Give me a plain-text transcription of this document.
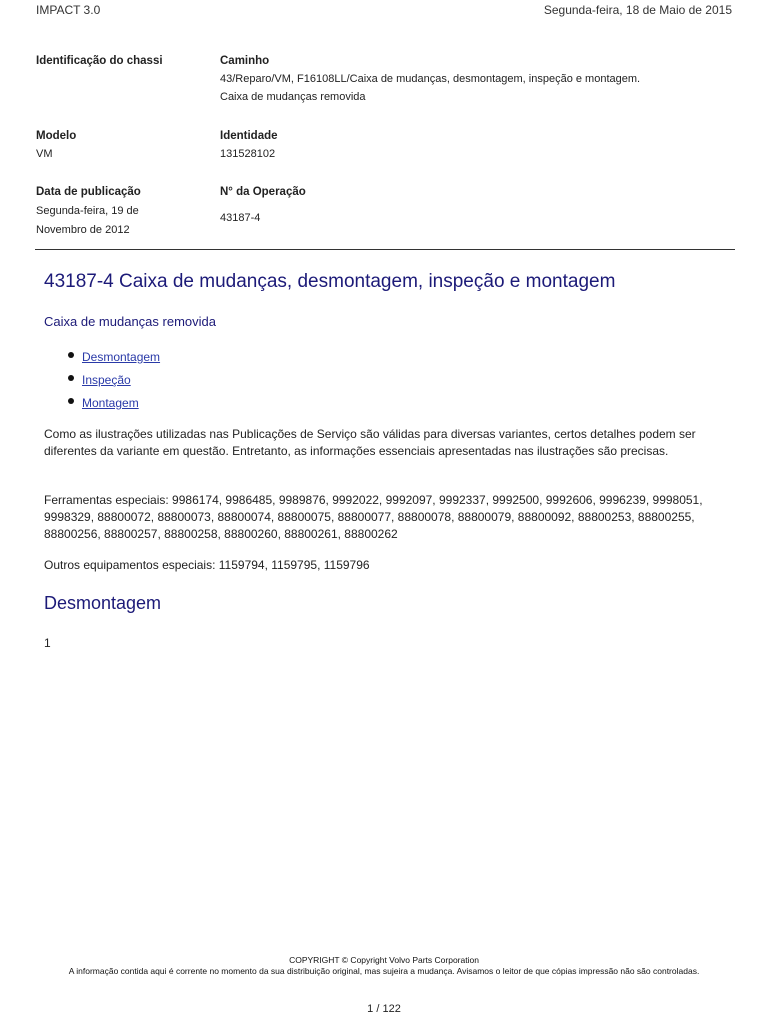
IMPACT 3.0	Segunda-feira, 18 de Maio de 2015
Identificação do chassi	Caminho
43/Reparo/VM, F16108LL/Caixa de mudanças, desmontagem, inspeção e montagem.
Caixa de mudanças removida
Modelo
VM
Identidade
131528102
Data de publicação
Segunda-feira, 19 de
Novembro de 2012
N° da Operação
43187-4
43187-4 Caixa de mudanças, desmontagem, inspeção e montagem
Caixa de mudanças removida
Desmontagem
Inspeção
Montagem
Como as ilustrações utilizadas nas Publicações de Serviço são válidas para diversas variantes, certos detalhes podem ser diferentes da variante em questão. Entretanto, as informações essenciais apresentadas nas ilustrações são precisas.
Ferramentas especiais: 9986174, 9986485, 9989876, 9992022, 9992097, 9992337, 9992500, 9992606, 9996239, 9998051, 9998329, 88800072, 88800073, 88800074, 88800075, 88800077, 88800078, 88800079, 88800092, 88800253, 88800255, 88800256, 88800257, 88800258, 88800260, 88800261, 88800262
Outros equipamentos especiais: 1159794, 1159795, 1159796
Desmontagem
1
COPYRIGHT © Copyright Volvo Parts Corporation
A informação contida aqui é corrente no momento da sua distribuição original, mas sujeira a mudança. Avisamos o leitor de que cópias impressão não são controladas.
1 / 122
